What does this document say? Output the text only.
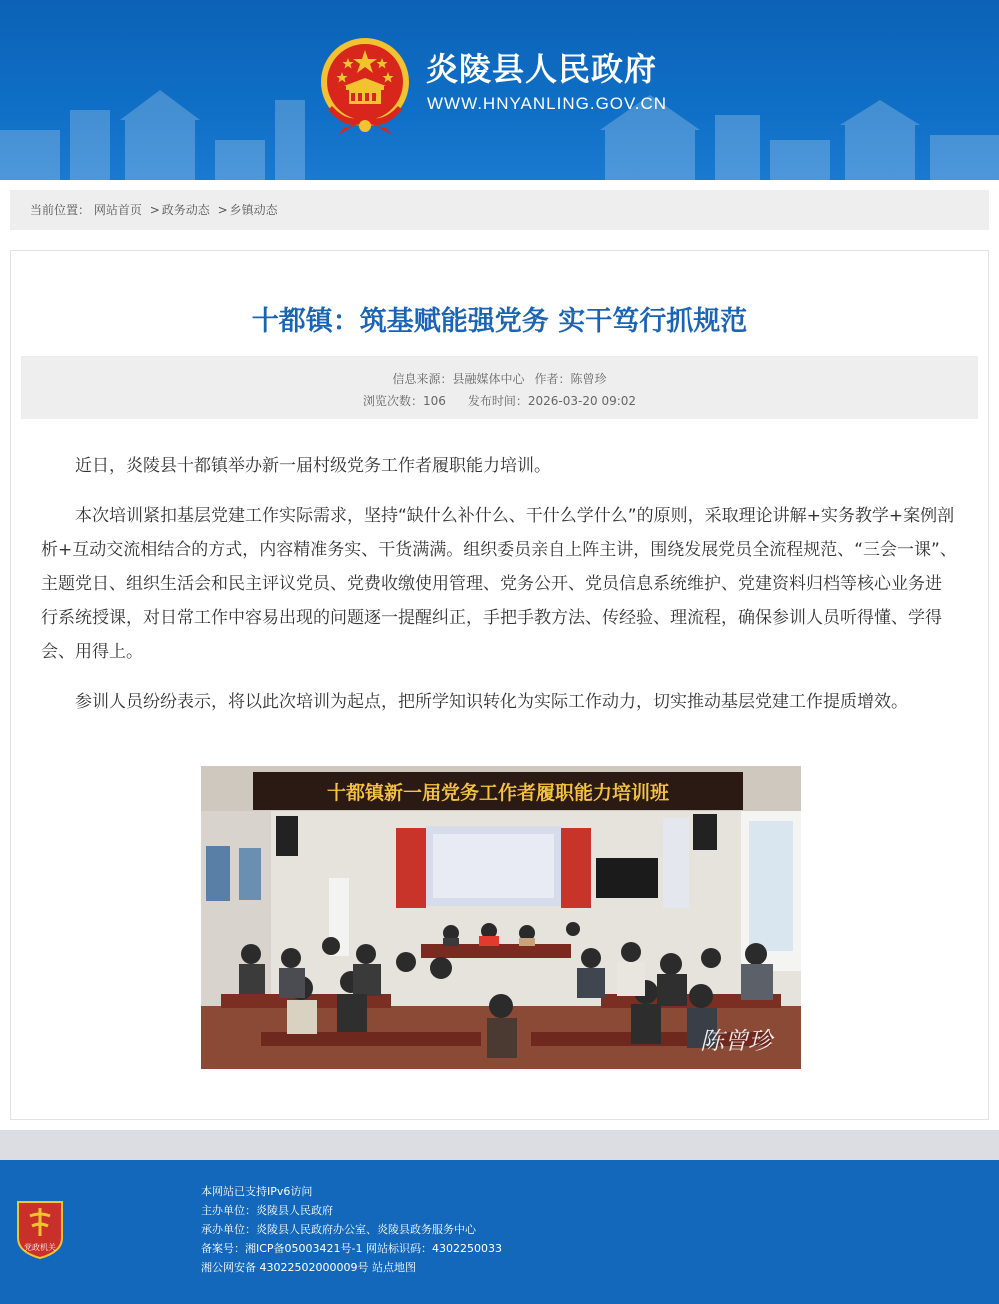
炎陵县人民政府
WWW.HNYANLING.GOV.CN
当前位置： 网站首页 > 政务动态 > 乡镇动态
十都镇：筑基赋能强党务 实干笃行抓规范
信息来源：县融媒体中心 作者：陈曾珍
浏览次数：106 发布时间：2026-03-20 09:02

近日，炎陵县十都镇举办新一届村级党务工作者履职能力培训。

本次培训紧扣基层党建工作实际需求，坚持“缺什么补什么、干什么学什么”的原则，采取理论讲解+实务教学+案例剖析+互动交流相结合的方式，内容精准务实、干货满满。组织委员亲自上阵主讲，围绕发展党员全流程规范、“三会一课”、主题党日、组织生活会和民主评议党员、党费收缴使用管理、党务公开、党员信息系统维护、党建资料归档等核心业务进行系统授课，对日常工作中容易出现的问题逐一提醒纠正，手把手教方法、传经验、理流程，确保参训人员听得懂、学得会、用得上。

参训人员纷纷表示，将以此次培训为起点，把所学知识转化为实际工作动力，切实推动基层党建工作提质增效。

十都镇新一届党务工作者履职能力培训班
陈曾珍
党政机关
本网站已支持IPv6访问
主办单位：炎陵县人民政府
承办单位：炎陵县人民政府办公室、炎陵县政务服务中心
备案号：湘ICP备05003421号-1 网站标识码：4302250033
湘公网安备 43022502000009号 站点地图
